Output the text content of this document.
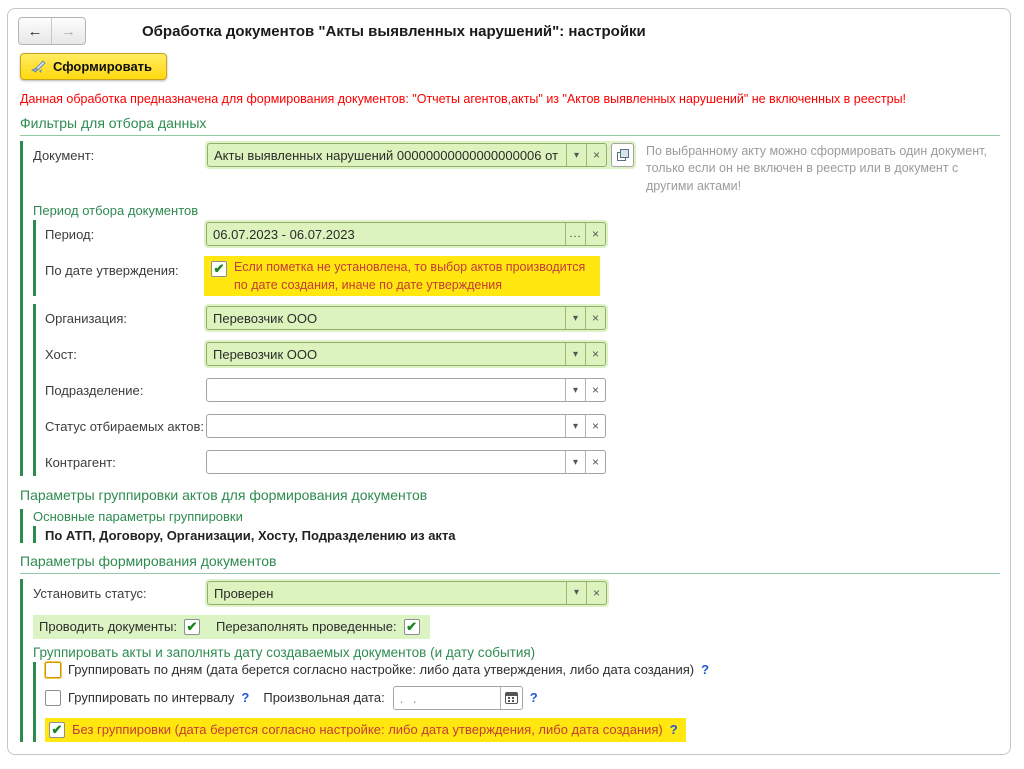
← →	Обработка документов "Акты выявленных нарушений": настройки
Сформировать
Данная обработка предназначена для формирования документов: "Отчеты агентов,акты" из "Актов выявленных нарушений" не включенных в реестры!
Фильтры для отбора данных
Документ:	Акты выявленных нарушений 00000000000000000006 от	▾ ×	По выбранному акту можно сформировать один документ, только если он не включен в реестр или в документ с другими актами!
Период отбора документов
Период:	06.07.2023 - 06.07.2023	... ×
По дате утверждения:	✔ Если пометка не установлена, то выбор актов производится по дате создания, иначе по дате утверждения
Организация:	Перевозчик ООО	▾ ×
Хост:	Перевозчик ООО	▾ ×
Подразделение:	▾ ×
Статус отбираемых актов:	▾ ×
Контрагент:	▾ ×
Параметры группировки актов для формирования документов
Основные параметры группировки
По АТП, Договору, Организации, Хосту, Подразделению из акта
Параметры формирования документов
Установить статус:	Проверен	▾ ×
Проводить документы: ✔ Перезаполнять проведенные: ✔
Группировать акты и заполнять дату создаваемых документов (и дату события)
Группировать по дням (дата берется согласно настройке: либо дата утверждения, либо дата создания) ?
Группировать по интервалу ? Произвольная дата:	. .	?
✔ Без группировки (дата берется согласно настройке: либо дата утверждения, либо дата создания) ?
